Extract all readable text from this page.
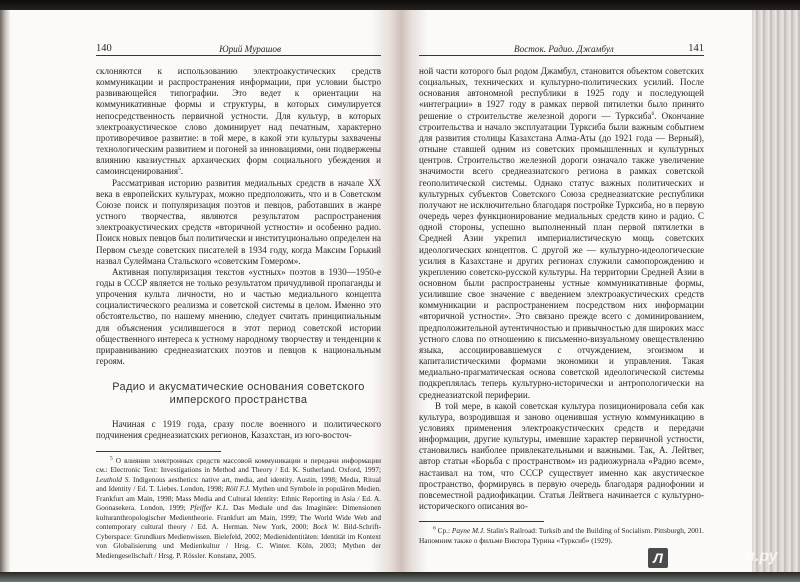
140	Юрий Мурашов

склоняются к использованию электроакустических средств коммуникации и распространения информации, при условии быстро развивающейся типографии. Это ведет к ориентации на коммуникативные формы и структуры, в которых симулируется непосредственность первичной устности. Для культур, в которых электроакустическое слово доминирует над печатным, характерно противоречивое развитие: в той мере, в какой эти культуры захвачены технологическим развитием и погоней за инновациями, они подвержены влиянию квазиустных архаических форм социального убеждения и самоинсценирования$^5$.

Рассматривая историю развития медиальных средств в начале XX века в европейских культурах, можно предположить, что и в Советском Союзе поиск и популяризация поэтов и певцов, работавших в жанре устного творчества, являются результатом распространения электроакустических средств «вторичной устности» и особенно радио. Поиск новых певцов был политически и институционально определен на Первом съезде советских писателей в 1934 году, когда Максим Горький назвал Сулеймана Стальского «советским Гомером».

Активная популяризация текстов «устных» поэтов в 1930—1950-е годы в СССР является не только результатом причудливой пропаганды и упрочения культа личности, но и частью медиального концепта социалистического реализма и советской системы в целом. Именно это обстоятельство, по нашему мнению, следует считать принципиальным для объяснения усилившегося в этот период советской истории общественного интереса к устному народному творчеству и тенденции к приравниванию среднеазиатских поэтов и певцов к национальным героям.

Радио и акусматические основания советского
имперского пространства

Начиная с 1919 года, сразу после военного и политического подчинения среднеазиатских регионов, Казахстан, из юго-восточ-

$^5$ О влиянии электронных средств массовой коммуникации и передачи информации см.: Electronic Text: Investigations in Method and Theory / Ed. K. Sutherland. Oxford, 1997; Leuthold S. Indigenous aesthetics: native art, media, and identity. Austin, 1998; Media, Ritual and Identity / Ed. T. Liebes. London, 1998; Röll F.J. Mythen und Symbole in populären Medien. Frankfurt am Main, 1998; Mass Media and Cultural Identity: Ethnic Reporting in Asia / Ed. A. Goonasekera. London, 1999; Pfeiffer K.L. Das Mediale und das Imaginäre: Dimensionen kulturanthropologischer Medientheorie. Frankfurt am Main, 1999; The World Wide Web and contemporary cultural theory / Ed. A. Herman. New York, 2000; Bock W. Bild-Schrift-Cyberspace: Grundkurs Medienwissen. Bielefeld, 2002; Medienidentitäten: Identität im Kontext von Globalisierung und Medienkultur / Hrsg. C. Winter. Köln, 2003; Mythen der Mediengesellschaft / Hrsg. P. Rössler. Konstanz, 2005.
Восток. Радио. Джамбул	141

ной части которого был родом Джамбул, становится объектом советских социальных, технических и культурно-политических усилий. После основания автономной республики в 1925 году и последующей «интеграции» в 1927 году в рамках первой пятилетки было принято решение о строительстве железной дороги — Турксиба$^6$. Окончание строительства и начало эксплуатации Турксиба были важным событием для развития столицы Казахстана Алма-Аты (до 1921 года — Верный), отныне ставшей одним из советских промышленных и культурных центров. Строительство железной дороги означало также увеличение значимости всего среднеазиатского региона в рамках советской геополитической системы. Однако статус важных политических и культурных субъектов Советского Союза среднеазиатские республики получают не исключительно благодаря постройке Турксиба, но в первую очередь через функционирование медиальных средств кино и радио. С одной стороны, успешно выполненный план первой пятилетки в Средней Азии укрепил империалистическую мощь советских идеологических концептов. С другой же — культурно-идеологические усилия в Казахстане и других регионах служили самопорождению и укреплению советско-русской культуры. На территории Средней Азии в основном были распространены устные коммуникативные формы, усилившие свое значение с введением электроакустических средств коммуникации и распространением посредством них информации «вторичной устности». Это связано прежде всего с доминированием, предположительной аутентичностью и привычностью для широких масс устного слова по отношению к письменно-визуальному овеществлению языка, ассоциировавшемуся с отчуждением, эгоизмом и капиталистическими формами экономики и управления. Такая медиально-прагматическая основа советской идеологической системы подкреплялась теперь культурно-исторически и антропологически на среднеазиатской периферии.

В той мере, в какой советская культура позиционировала себя как культура, возродившая и заново оценившая устную коммуникацию в условиях применения электроакустических средств и передачи информации, другие культуры, имевшие характер первичной устности, становились наиболее привлекательными и важными. Так, А. Лейтвег, автор статьи «Борьба с пространством» из радиожурнала «Радио всем», настаивал на том, что СССР существует именно как акустическое пространство, формируясь в первую очередь благодаря радиофонии и повсеместной радиофикации. Статья Лейтвега начинается с культурно-исторического описания во-

$^6$ Ср.: Payne M.J. Stalin's Railroad: Turksib and the Building of Socialism. Pittsburgh, 2001. Напомним также о фильме Виктора Турина «Турксиб» (1929).
Л	п.ру
